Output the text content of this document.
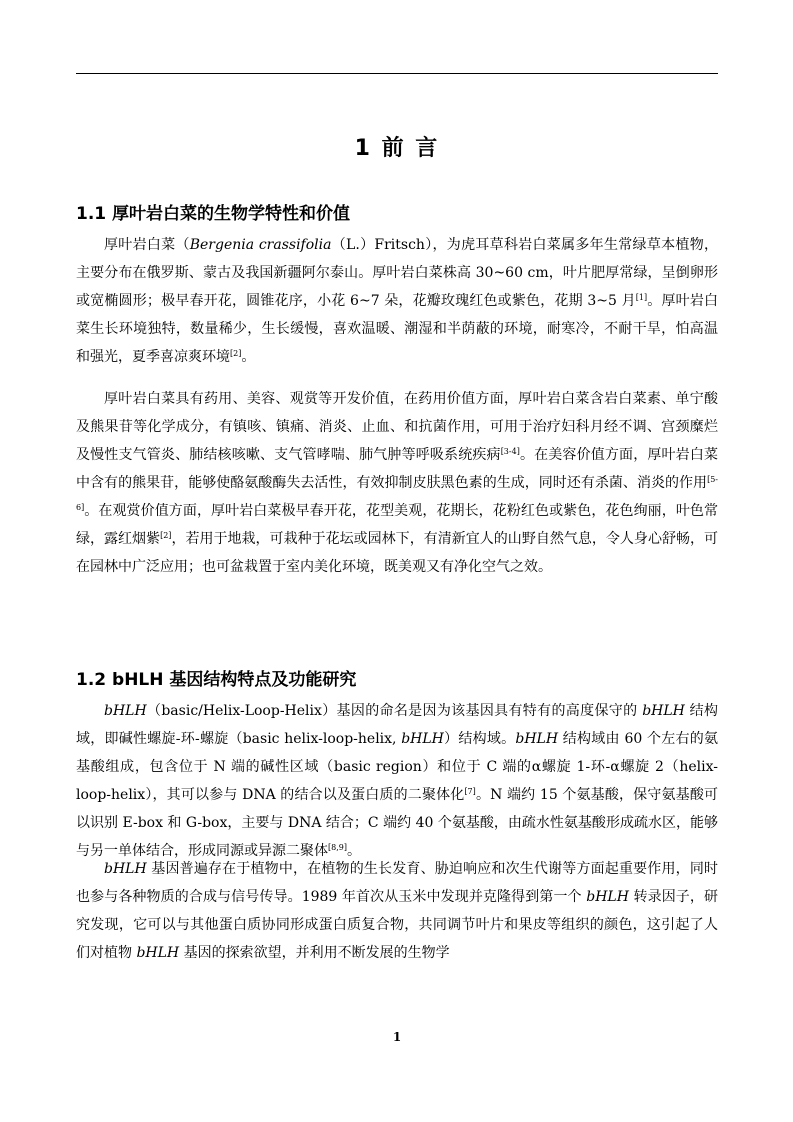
1 前 言
1.1 厚叶岩白菜的生物学特性和价值

厚叶岩白菜（Bergenia crassifolia（L.）Fritsch），为虎耳草科岩白菜属多年生常绿草本植物，主要分布在俄罗斯、蒙古及我国新疆阿尔泰山。厚叶岩白菜株高 30~60 cm，叶片肥厚常绿，呈倒卵形或宽椭圆形；极早春开花，圆锥花序，小花 6~7 朵，花瓣玫瑰红色或紫色，花期 3~5 月[1]。厚叶岩白菜生长环境独特，数量稀少，生长缓慢，喜欢温暖、潮湿和半荫蔽的环境，耐寒冷，不耐干旱，怕高温和强光，夏季喜凉爽环境[2]。

厚叶岩白菜具有药用、美容、观赏等开发价值，在药用价值方面，厚叶岩白菜含岩白菜素、单宁酸及熊果苷等化学成分，有镇咳、镇痛、消炎、止血、和抗菌作用，可用于治疗妇科月经不调、宫颈糜烂及慢性支气管炎、肺结核咳嗽、支气管哮喘、肺气肿等呼吸系统疾病[3-4]。在美容价值方面，厚叶岩白菜中含有的熊果苷，能够使酪氨酸酶失去活性，有效抑制皮肤黑色素的生成，同时还有杀菌、消炎的作用[5-6]。在观赏价值方面，厚叶岩白菜极早春开花，花型美观，花期长，花粉红色或紫色，花色绚丽，叶色常绿，露红烟紫[2]，若用于地栽，可栽种于花坛或园林下，有清新宜人的山野自然气息，令人身心舒畅，可在园林中广泛应用；也可盆栽置于室内美化环境，既美观又有净化空气之效。

1.2 bHLH 基因结构特点及功能研究

bHLH（basic/Helix-Loop-Helix）基因的命名是因为该基因具有特有的高度保守的 bHLH 结构域，即碱性螺旋-环-螺旋（basic helix-loop-helix, bHLH）结构域。bHLH 结构域由 60 个左右的氨基酸组成，包含位于 N 端的碱性区域（basic region）和位于 C 端的α螺旋 1-环-α螺旋 2（helix-loop-helix），其可以参与 DNA 的结合以及蛋白质的二聚体化[7]。N 端约 15 个氨基酸，保守氨基酸可以识别 E-box 和 G-box，主要与 DNA 结合；C 端约 40 个氨基酸，由疏水性氨基酸形成疏水区，能够与另一单体结合，形成同源或异源二聚体[8,9]。

bHLH 基因普遍存在于植物中，在植物的生长发育、胁迫响应和次生代谢等方面起重要作用，同时也参与各种物质的合成与信号传导。1989 年首次从玉米中发现并克隆得到第一个 bHLH 转录因子，研究发现，它可以与其他蛋白质协同形成蛋白质复合物，共同调节叶片和果皮等组织的颜色，这引起了人们对植物 bHLH 基因的探索欲望，并利用不断发展的生物学

1
